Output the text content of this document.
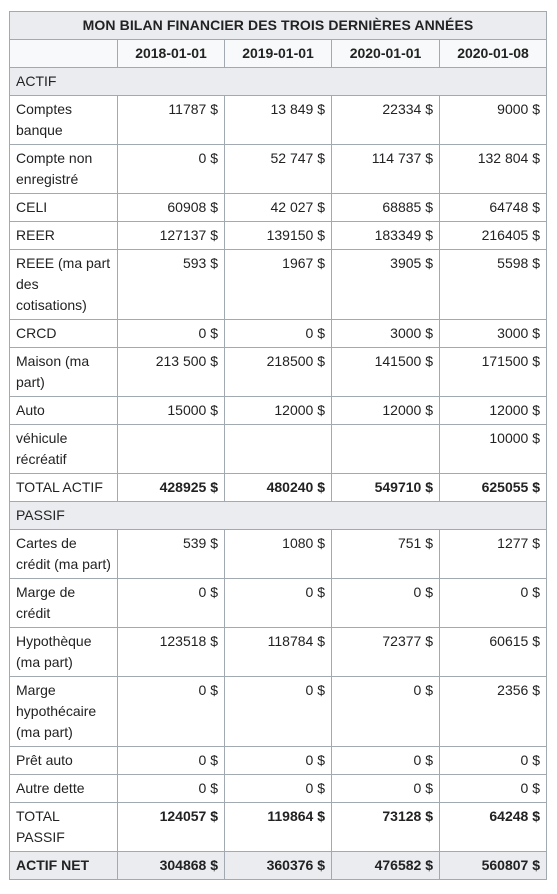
MON BILAN FINANCIER DES TROIS DERNIÈRES ANNÉES				
	2018-01-01	2019-01-01	2020-01-01	2020-01-08
ACTIF				
Comptes banque	11787 $	13 849 $	22334 $	9000 $
Compte non enregistré	0 $	52 747 $	114 737 $	132 804 $
CELI	60908 $	42 027 $	68885 $	64748 $
REER	127137 $	139150 $	183349 $	216405 $
REEE (ma part des cotisations)	593 $	1967 $	3905 $	5598 $
CRCD	0 $	0 $	3000 $	3000 $
Maison (ma part)	213 500 $	218500 $	141500 $	171500 $
Auto	15000 $	12000 $	12000 $	12000 $
véhicule récréatif				10000 $
TOTAL ACTIF	428925 $	480240 $	549710 $	625055 $
PASSIF				
Cartes de crédit (ma part)	539 $	1080 $	751 $	1277 $
Marge de crédit	0 $	0 $	0 $	0 $
Hypothèque (ma part)	123518 $	118784 $	72377 $	60615 $
Marge hypothécaire (ma part)	0 $	0 $	0 $	2356 $
Prêt auto	0 $	0 $	0 $	0 $
Autre dette	0 $	0 $	0 $	0 $
TOTAL PASSIF	124057 $	119864 $	73128 $	64248 $
ACTIF NET	304868 $	360376 $	476582 $	560807 $
